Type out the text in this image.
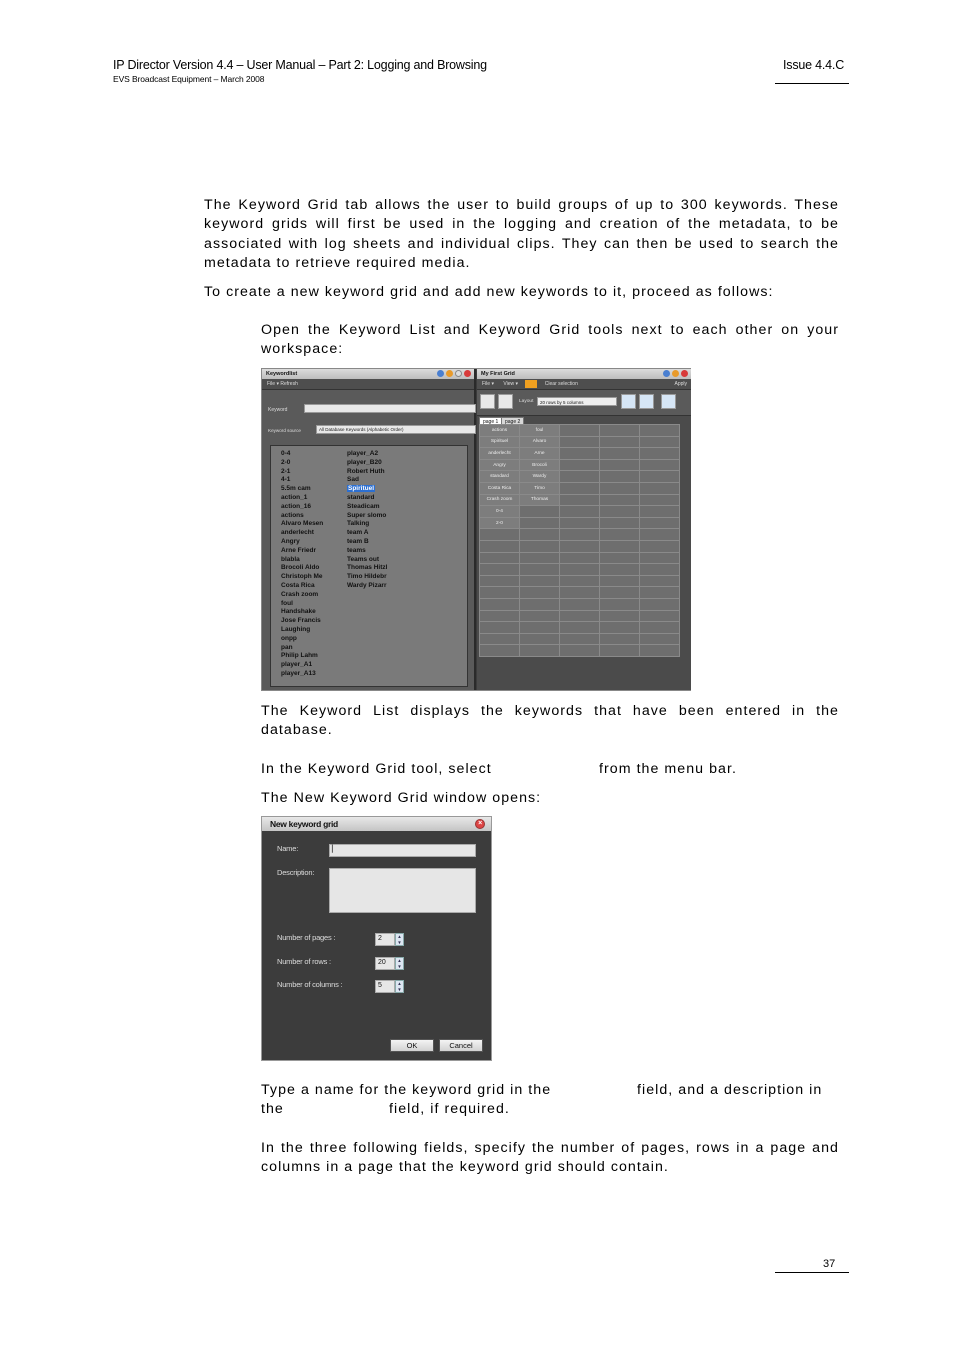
IP Director Version 4.4 – User Manual – Part 2: Logging and Browsing
EVS Broadcast Equipment – March 2008
Issue 4.4.C
The Keyword Grid tab allows the user to build groups of up to 300 keywords. These keyword grids will first be used in the logging and creation of the metadata, to be associated with log sheets and individual clips. They can then be used to search the metadata to retrieve required media.
To create a new keyword grid and add new keywords to it, proceed as follows:
Open the Keyword List and Keyword Grid tools next to each other on your workspace:
Keywordlist
File ▾ Refresh
Keyword
Keyword source	All Database Keywords (Alphabetic Order)
0-4
2-0
2-1
4-1
5.5m cam
action_1
action_16
actions
Alvaro Mesen
anderlecht
Angry
Arne Friedr
blabla
Brocoli Aldo
Christoph Me
Costa Rica
Crash zoom
foul
Handshake
Jose Francis
Laughing
onpp
pan
Philip Lahm
player_A1
player_A13
player_A2
player_B20
Robert Huth
Sad
Spirituel
standard
Steadicam
Super slomo
Talking
team A
team B
teams
Teams out
Thomas Hitzl
Timo Hildebr
Wardy Pizarr
My First Grid
File ▾ View ▾	Clear selection	Apply
Layout	20 rows by 5 columns
page 1	page 2
actions	foul			
Spirituel	Alvaro			
anderlecht	Arne			
Angry	Brocoli			
standard	Wardy			
Costa Rica	Timo			
Crash zoom	Thomas			
0-4				
2-0				

The Keyword List displays the keywords that have been entered in the database.
In the Keyword Grid tool, select	from the menu bar.
The New Keyword Grid window opens:
New keyword grid	×
Name:	▏
Description:
Number of pages :	2	▲
▼
Number of rows :	20	▲
▼
Number of columns :	5	▲
▼
OK	Cancel
Type a name for the keyword grid in the	field, and a description in
the	field, if required.
In the three following fields, specify the number of pages, rows in a page and columns in a page that the keyword grid should contain.
37
